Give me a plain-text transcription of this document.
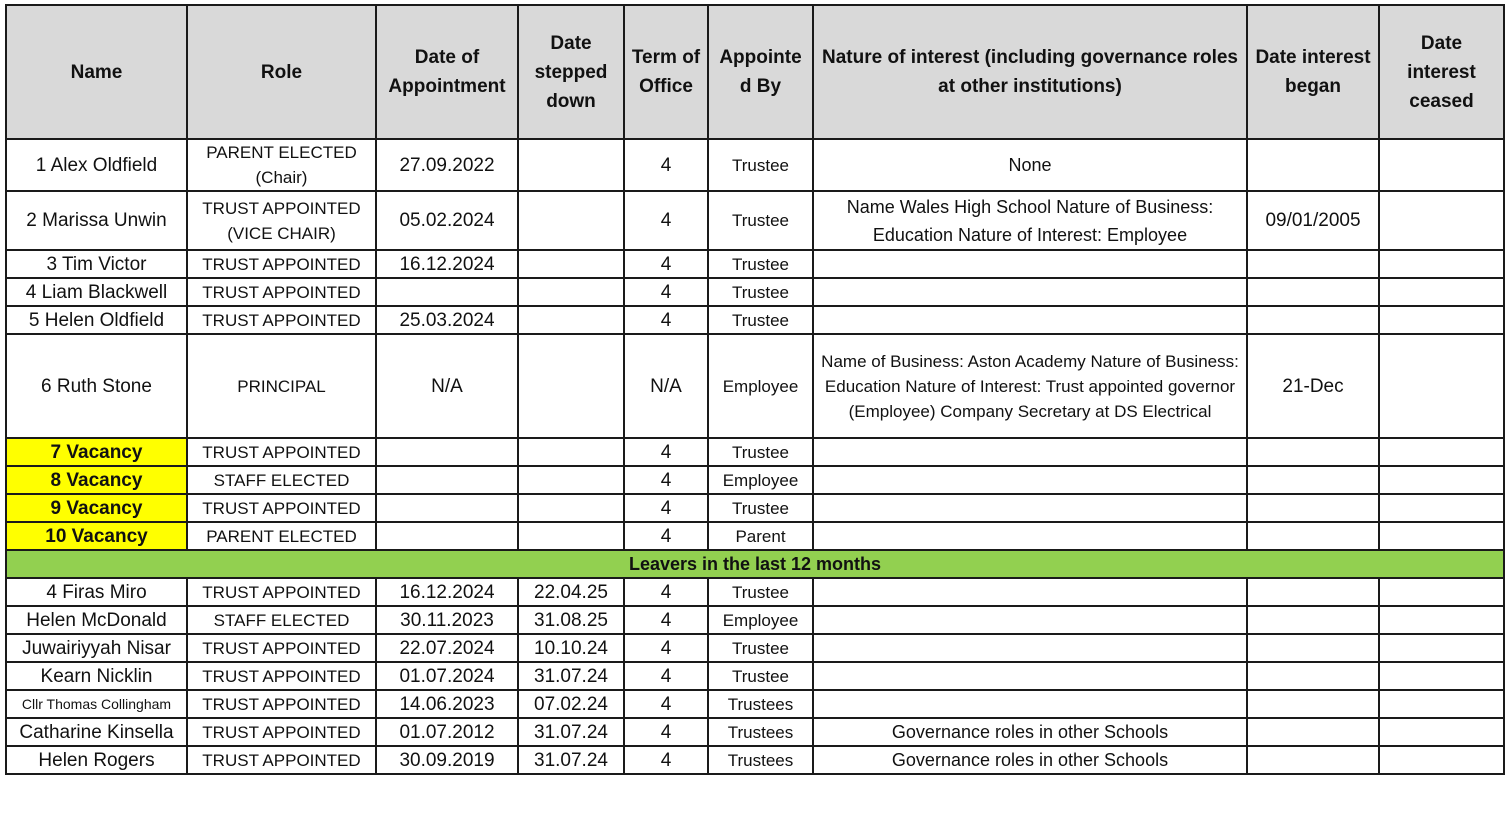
Name	Role	Date of Appointment	Date stepped down	Term of Office	Appointe d By	Nature of interest (including governance roles at other institutions)	Date interest began	Date interest ceased
1 Alex Oldfield	PARENT ELECTED (Chair)	27.09.2022		4	Trustee	None		
2 Marissa Unwin	TRUST APPOINTED (VICE CHAIR)	05.02.2024		4	Trustee	Name Wales High School Nature of Business: Education Nature of Interest: Employee	09/01/2005	
3 Tim Victor	TRUST APPOINTED	16.12.2024		4	Trustee			
4 Liam Blackwell	TRUST APPOINTED			4	Trustee			
5 Helen Oldfield	TRUST APPOINTED	25.03.2024		4	Trustee			
6 Ruth Stone	PRINCIPAL	N/A		N/A	Employee	Name of Business: Aston Academy Nature of Business: Education Nature of Interest: Trust appointed governor (Employee) Company Secretary at DS Electrical	21-Dec	
7 Vacancy	TRUST APPOINTED			4	Trustee			
8 Vacancy	STAFF ELECTED			4	Employee			
9 Vacancy	TRUST APPOINTED			4	Trustee			
10 Vacancy	PARENT ELECTED			4	Parent			
Leavers in the last 12 months								
4 Firas Miro	TRUST APPOINTED	16.12.2024	22.04.25	4	Trustee			
Helen McDonald	STAFF ELECTED	30.11.2023	31.08.25	4	Employee			
Juwairiyyah Nisar	TRUST APPOINTED	22.07.2024	10.10.24	4	Trustee			
Kearn Nicklin	TRUST APPOINTED	01.07.2024	31.07.24	4	Trustee			
Cllr Thomas Collingham	TRUST APPOINTED	14.06.2023	07.02.24	4	Trustees			
Catharine Kinsella	TRUST APPOINTED	01.07.2012	31.07.24	4	Trustees	Governance roles in other Schools		
Helen Rogers	TRUST APPOINTED	30.09.2019	31.07.24	4	Trustees	Governance roles in other Schools		
